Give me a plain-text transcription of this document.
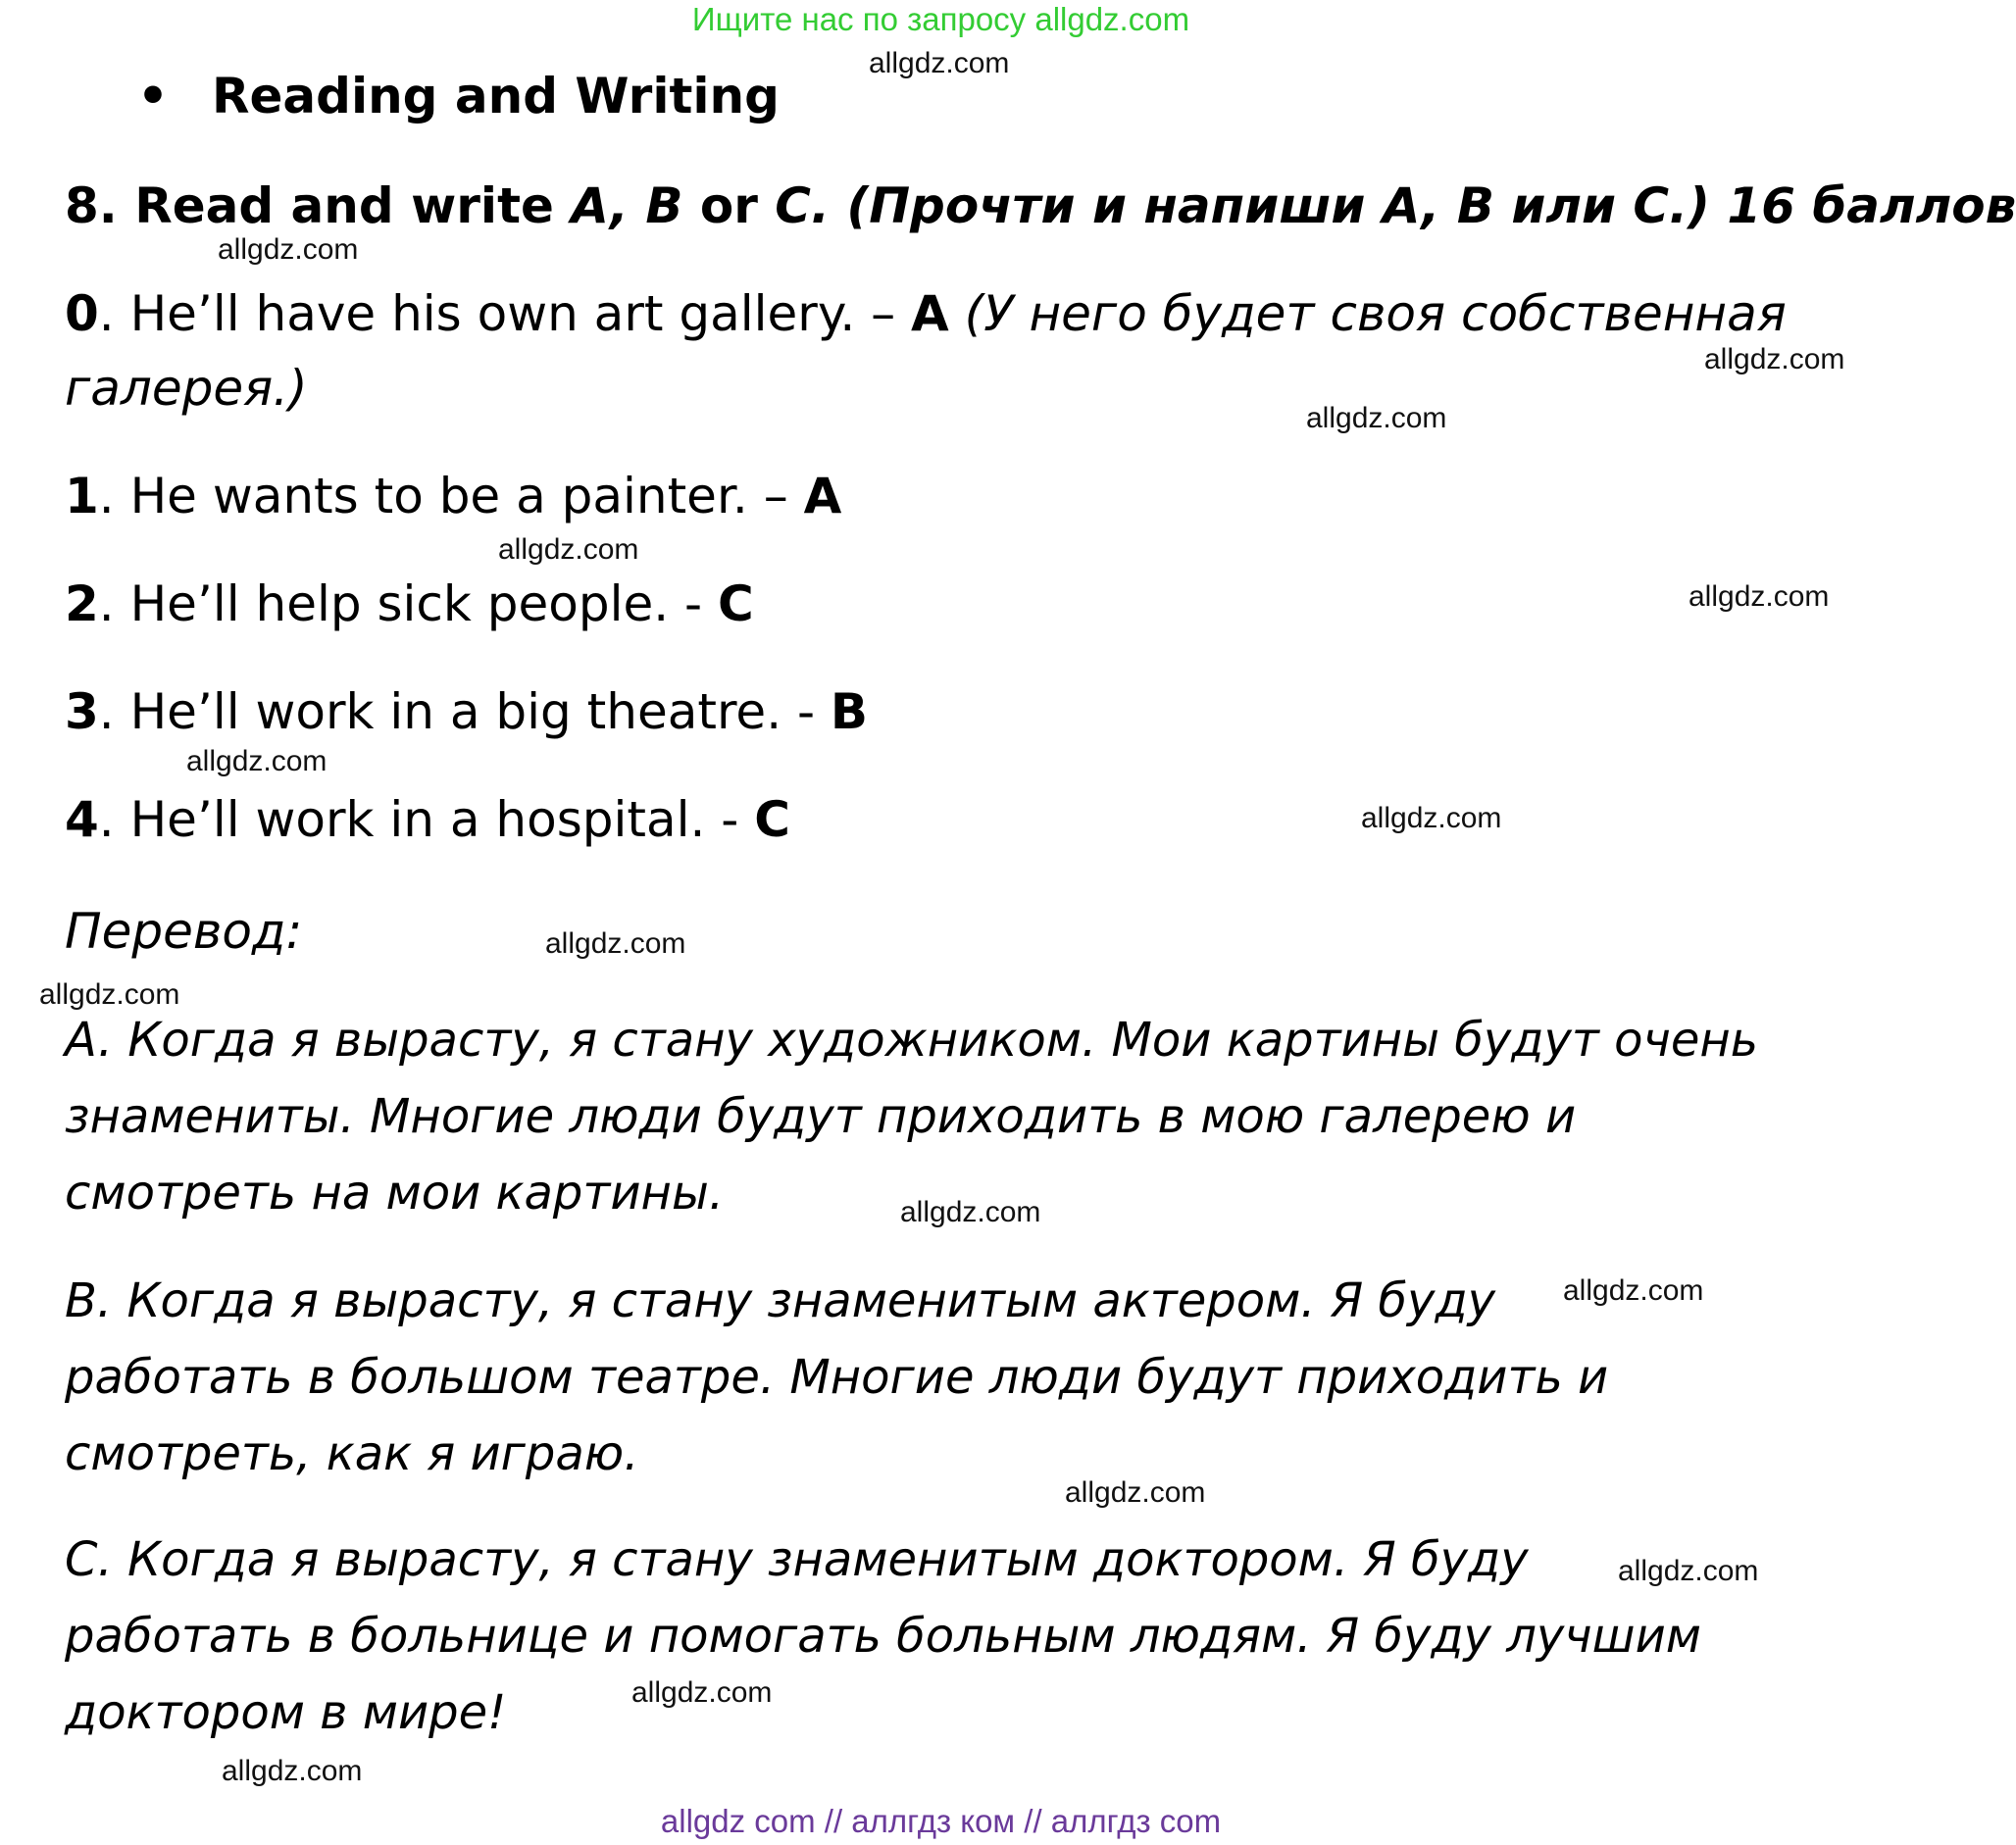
Ищите нас по запросу allgdz.com
• Reading and Writing
8. Read and write A, B or C. (Прочти и напиши A, B или C.) 16 баллов
0. He’ll have his own art gallery. – A (У него будет своя собственная
галерея.)
1. He wants to be a painter. – A
2. He’ll help sick people. - C
3. He’ll work in a big theatre. - B
4. He’ll work in a hospital. - C
Перевод:
A. Когда я вырасту, я стану художником. Мои картины будут очень
знамениты. Многие люди будут приходить в мою галерею и
смотреть на мои картины.
B. Когда я вырасту, я стану знаменитым актером. Я буду
работать в большом театре. Многие люди будут приходить и
смотреть, как я играю.
C. Когда я вырасту, я стану знаменитым доктором. Я буду
работать в больнице и помогать больным людям. Я буду лучшим
доктором в мире!
allgdz.com
allgdz.com
allgdz.com
allgdz.com
allgdz.com
allgdz.com
allgdz.com
allgdz.com
allgdz.com
allgdz.com
allgdz.com
allgdz.com
allgdz.com
allgdz.com
allgdz.com
allgdz.com
allgdz com // аллгдз ком // аллгдз com
